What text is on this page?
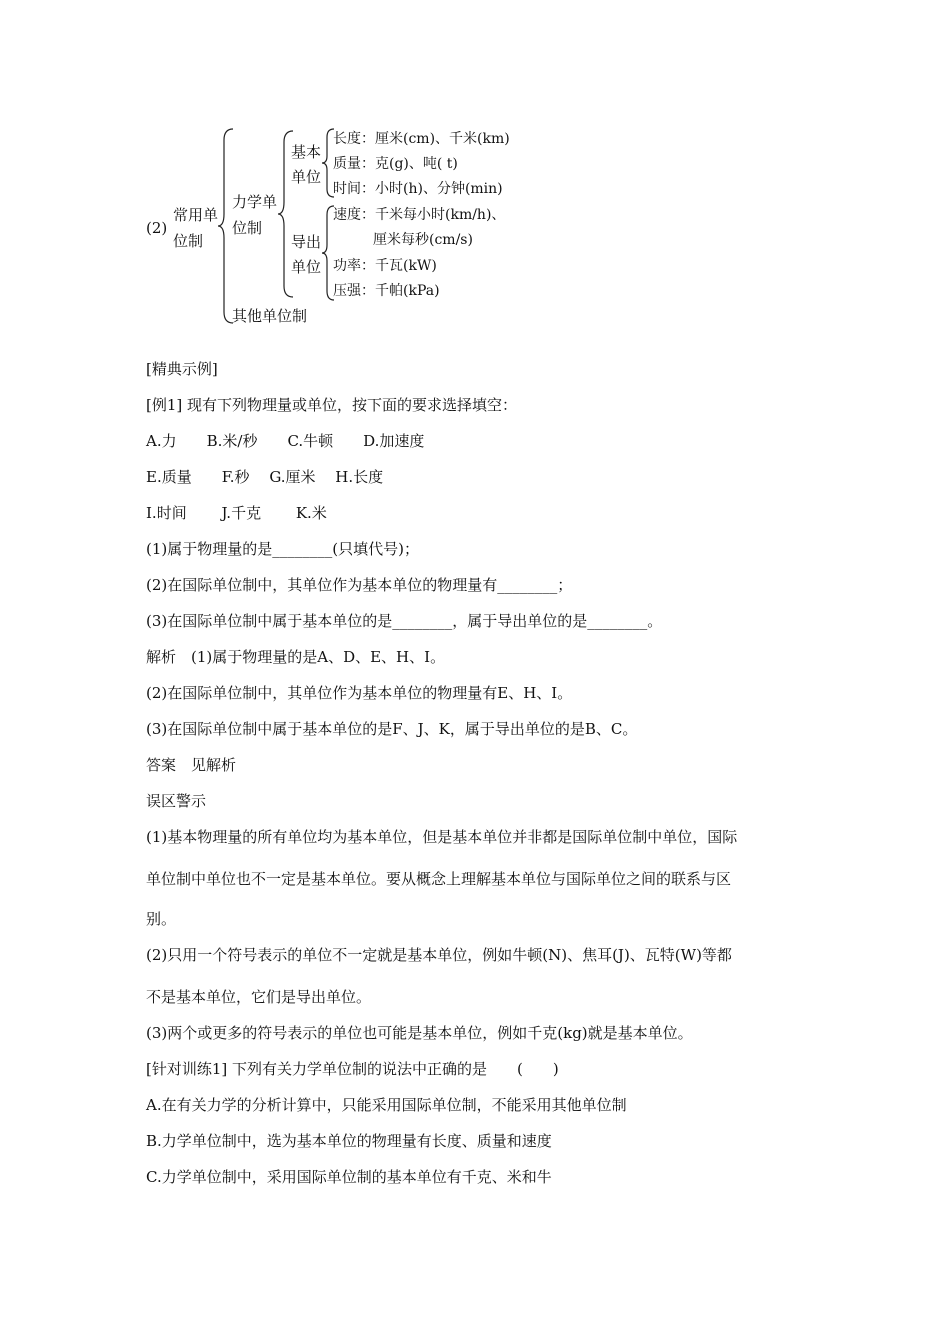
(2)
常用单
位制
力学单
位制
基本
单位
长度：厘米(cm)、千米(km)
质量：克(g)、吨( t)
时间：小时(h)、分钟(min)
导出
单位
速度：千米每小时(km/h)、
厘米每秒(cm/s)
功率：千瓦(kW)
压强：千帕(kPa)
其他单位制
[精典示例]
[例1] 现有下列物理量或单位，按下面的要求选择填空：
A.力　　B.米/秒　　C.牛顿　　D.加速度
E.质量　　F.秒　 G.厘米　 H.长度
I.时间　　 J.千克　　 K.米
(1)属于物理量的是________(只填代号)；
(2)在国际单位制中，其单位作为基本单位的物理量有________；
(3)在国际单位制中属于基本单位的是________，属于导出单位的是________。
解析　(1)属于物理量的是A、D、E、H、I。
(2)在国际单位制中，其单位作为基本单位的物理量有E、H、I。
(3)在国际单位制中属于基本单位的是F、J、K，属于导出单位的是B、C。
答案　见解析
误区警示
(1)基本物理量的所有单位均为基本单位，但是基本单位并非都是国际单位制中单位，国际
单位制中单位也不一定是基本单位。要从概念上理解基本单位与国际单位之间的联系与区
别。
(2)只用一个符号表示的单位不一定就是基本单位，例如牛顿(N)、焦耳(J)、瓦特(W)等都
不是基本单位，它们是导出单位。
(3)两个或更多的符号表示的单位也可能是基本单位，例如千克(kg)就是基本单位。
[针对训练1] 下列有关力学单位制的说法中正确的是　　(　　)
A.在有关力学的分析计算中，只能采用国际单位制，不能采用其他单位制
B.力学单位制中，选为基本单位的物理量有长度、质量和速度
C.力学单位制中，采用国际单位制的基本单位有千克、米和牛
